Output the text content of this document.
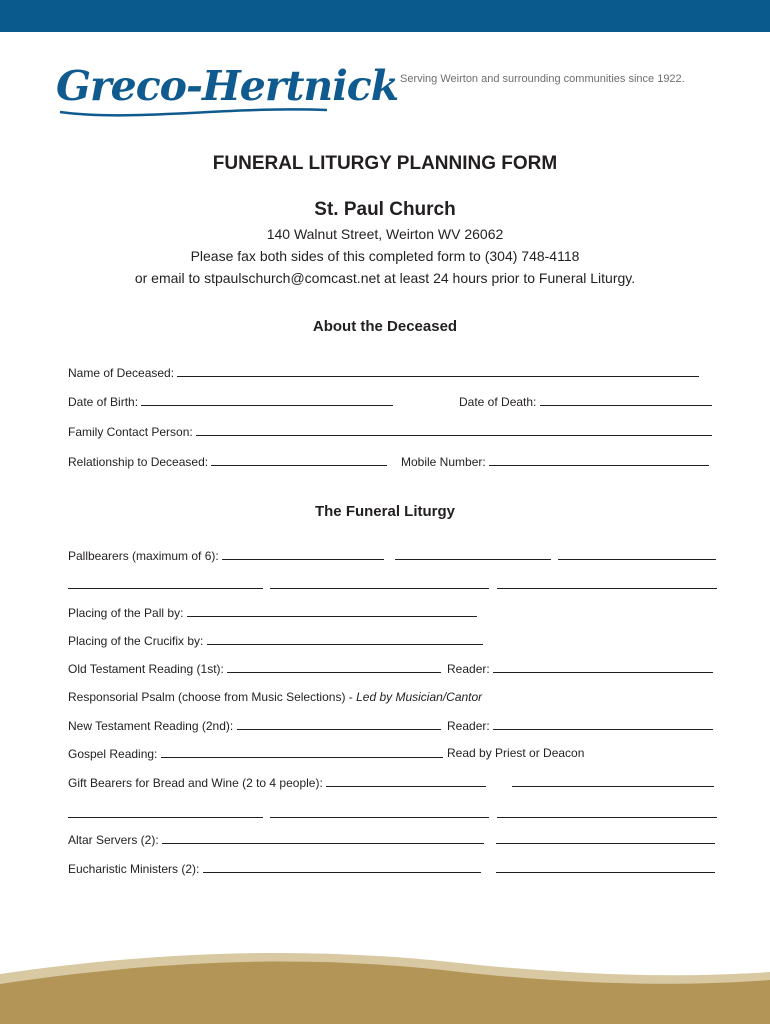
Greco-Hertnick Serving Weirton and surrounding communities since 1922.
FUNERAL LITURGY PLANNING FORM
St. Paul Church
140 Walnut Street, Weirton WV 26062
Please fax both sides of this completed form to (304) 748-4118
or email to stpaulschurch@comcast.net at least 24 hours prior to Funeral Liturgy.
About the Deceased
Name of Deceased:
Date of Birth:	Date of Death:
Family Contact Person:
Relationship to Deceased:	Mobile Number:
The Funeral Liturgy
Pallbearers (maximum of 6):
Placing of the Pall by:
Placing of the Crucifix by:
Old Testament Reading (1st):	Reader:
Responsorial Psalm (choose from Music Selections) - Led by Musician/Cantor
New Testament Reading (2nd):	Reader:
Gospel Reading:	Read by Priest or Deacon
Gift Bearers for Bread and Wine (2 to 4 people):
Altar Servers (2):
Eucharistic Ministers (2):
